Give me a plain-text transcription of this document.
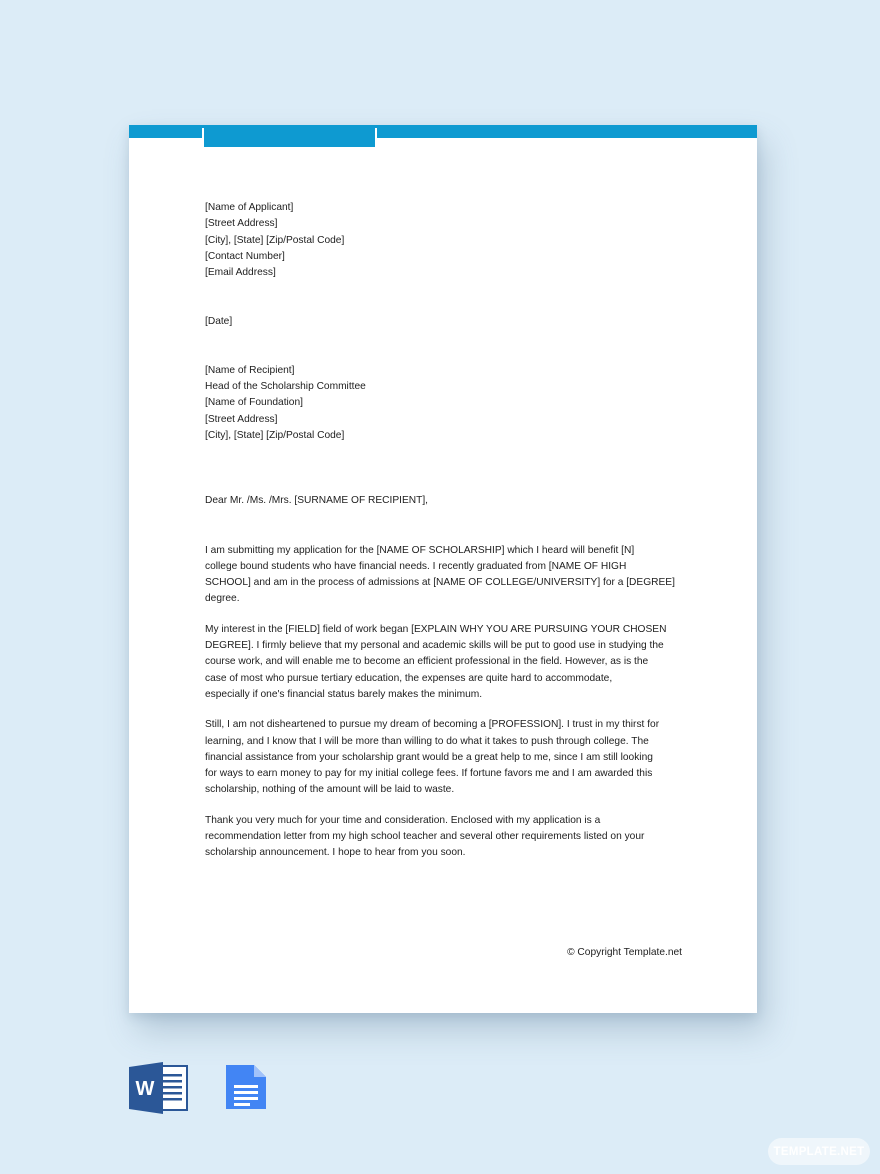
[Name of Applicant]
[Street Address]
[City], [State] [Zip/Postal Code]
[Contact Number]
[Email Address]
[Date]
[Name of Recipient]
Head of the Scholarship Committee
[Name of Foundation]
[Street Address]
[City], [State] [Zip/Postal Code]
Dear Mr. /Ms. /Mrs. [SURNAME OF RECIPIENT],

I am submitting my application for the [NAME OF SCHOLARSHIP] which I heard will benefit [N]
college bound students who have financial needs. I recently graduated from [NAME OF HIGH
SCHOOL] and am in the process of admissions at [NAME OF COLLEGE/UNIVERSITY] for a [DEGREE]
degree.

My interest in the [FIELD] field of work began [EXPLAIN WHY YOU ARE PURSUING YOUR CHOSEN
DEGREE]. I firmly believe that my personal and academic skills will be put to good use in studying the
course work, and will enable me to become an efficient professional in the field. However, as is the
case of most who pursue tertiary education, the expenses are quite hard to accommodate,
especially if one's financial status barely makes the minimum.

Still, I am not disheartened to pursue my dream of becoming a [PROFESSION]. I trust in my thirst for
learning, and I know that I will be more than willing to do what it takes to push through college. The
financial assistance from your scholarship grant would be a great help to me, since I am still looking
for ways to earn money to pay for my initial college fees. If fortune favors me and I am awarded this
scholarship, nothing of the amount will be laid to waste.

Thank you very much for your time and consideration. Enclosed with my application is a
recommendation letter from my high school teacher and several other requirements listed on your
scholarship announcement. I hope to hear from you soon.

© Copyright Template.net
W
TEMPLATE.NET
